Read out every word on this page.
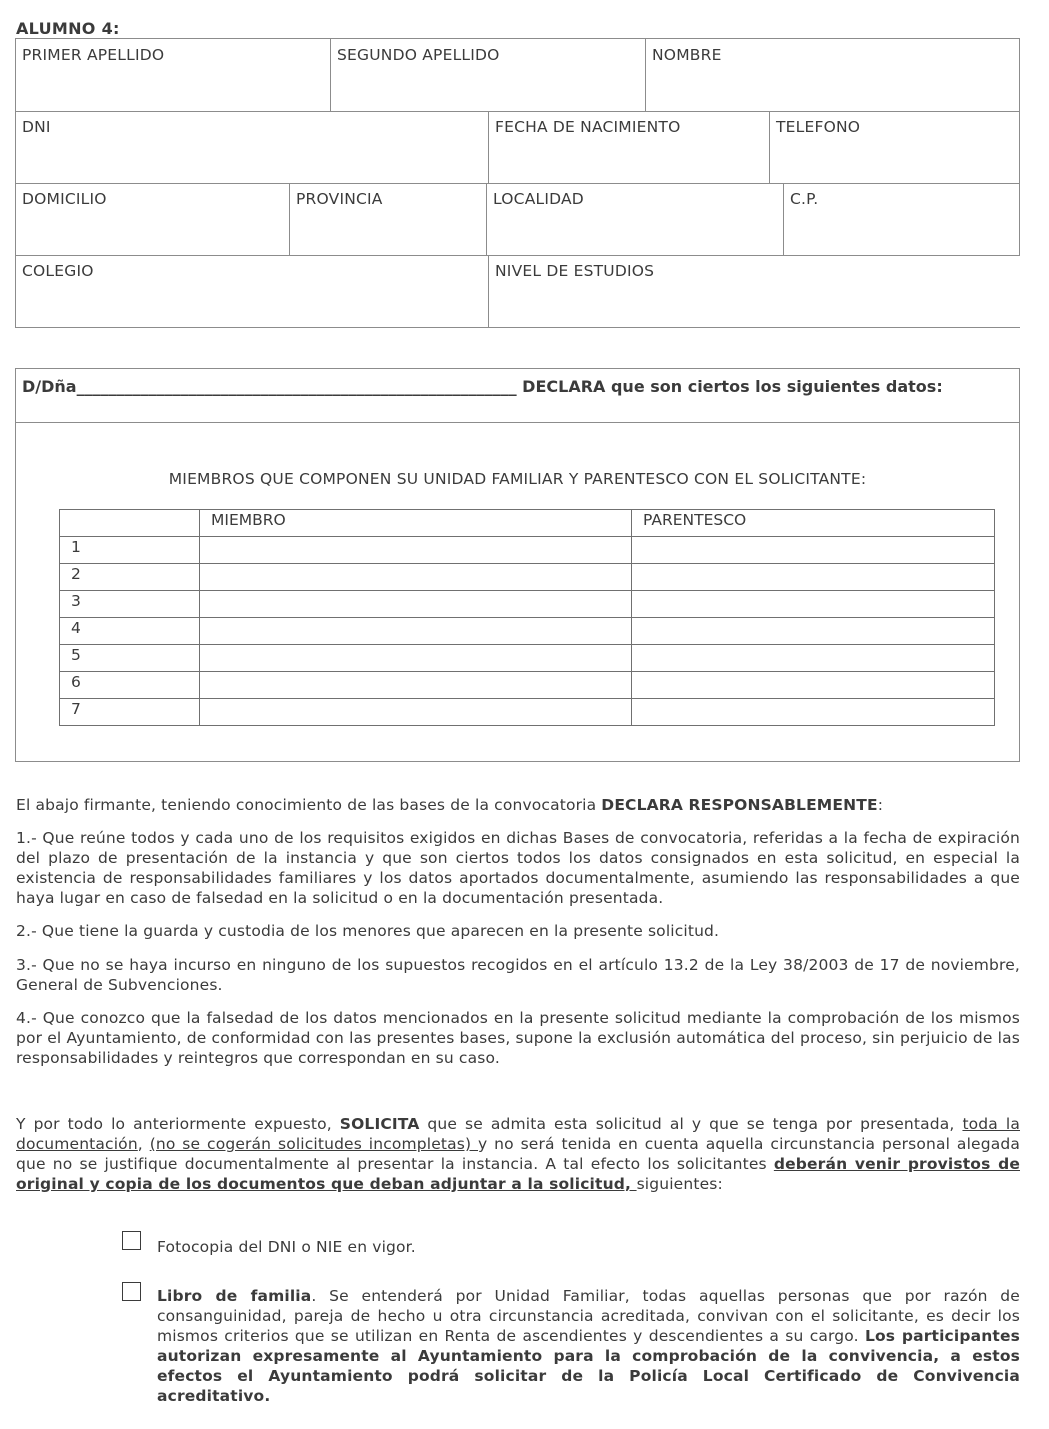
ALUMNO 4:
PRIMER APELLIDO	SEGUNDO APELLIDO	NOMBRE
DNI	FECHA DE NACIMIENTO	TELEFONO
DOMICILIO	PROVINCIA	LOCALIDAD	C.P.
COLEGIO	NIVEL DE ESTUDIOS
D/Dña_______________________________________________________ DECLARA que son ciertos los siguientes datos:
MIEMBROS QUE COMPONEN SU UNIDAD FAMILIAR Y PARENTESCO CON EL SOLICITANTE:
	MIEMBRO	PARENTESCO
1		
2		
3		
4		
5		
6		
7		
El abajo firmante, teniendo conocimiento de las bases de la convocatoria DECLARA RESPONSABLEMENTE:
1.- Que reúne todos y cada uno de los requisitos exigidos en dichas Bases de convocatoria, referidas a la fecha de expiración del plazo de presentación de la instancia y que son ciertos todos los datos consignados en esta solicitud, en especial la existencia de responsabilidades familiares y los datos aportados documentalmente, asumiendo las responsabilidades a que haya lugar en caso de falsedad en la solicitud o en la documentación presentada.
2.- Que tiene la guarda y custodia de los menores que aparecen en la presente solicitud.
3.- Que no se haya incurso en ninguno de los supuestos recogidos en el artículo 13.2 de la Ley 38/2003 de 17 de noviembre, General de Subvenciones.
4.- Que conozco que la falsedad de los datos mencionados en la presente solicitud mediante la comprobación de los mismos por el Ayuntamiento, de conformidad con las presentes bases, supone la exclusión automática del proceso, sin perjuicio de las responsabilidades y reintegros que correspondan en su caso.
Y por todo lo anteriormente expuesto, SOLICITA que se admita esta solicitud al y que se tenga por presentada, toda la documentación, (no se cogerán solicitudes incompletas) y no será tenida en cuenta aquella circunstancia personal alegada que no se justifique documentalmente al presentar la instancia. A tal efecto los solicitantes deberán venir provistos de original y copia de los documentos que deban adjuntar a la solicitud, siguientes:
Fotocopia del DNI o NIE en vigor.
Libro de familia. Se entenderá por Unidad Familiar, todas aquellas personas que por razón de consanguinidad, pareja de hecho u otra circunstancia acreditada, convivan con el solicitante, es decir los mismos criterios que se utilizan en Renta de ascendientes y descendientes a su cargo. Los participantes autorizan expresamente al Ayuntamiento para la comprobación de la convivencia, a estos efectos el Ayuntamiento podrá solicitar de la Policía Local Certificado de Convivencia acreditativo.
